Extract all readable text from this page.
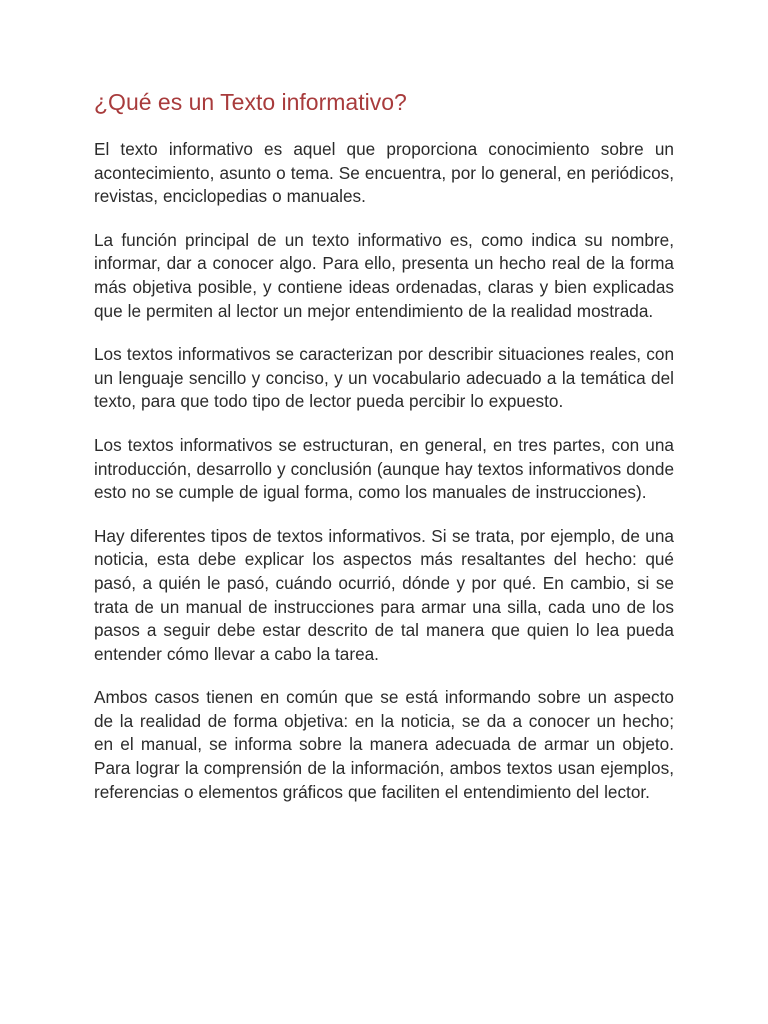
¿Qué es un Texto informativo?

El texto informativo es aquel que proporciona conocimiento sobre un acontecimiento, asunto o tema. Se encuentra, por lo general, en periódicos, revistas, enciclopedias o manuales.

La función principal de un texto informativo es, como indica su nombre, informar, dar a conocer algo. Para ello, presenta un hecho real de la forma más objetiva posible, y contiene ideas ordenadas, claras y bien explicadas que le permiten al lector un mejor entendimiento de la realidad mostrada.

Los textos informativos se caracterizan por describir situaciones reales, con un lenguaje sencillo y conciso, y un vocabulario adecuado a la temática del texto, para que todo tipo de lector pueda percibir lo expuesto.

Los textos informativos se estructuran, en general, en tres partes, con una introducción, desarrollo y conclusión (aunque hay textos informativos donde esto no se cumple de igual forma, como los manuales de instrucciones).

Hay diferentes tipos de textos informativos. Si se trata, por ejemplo, de una noticia, esta debe explicar los aspectos más resaltantes del hecho: qué pasó, a quién le pasó, cuándo ocurrió, dónde y por qué. En cambio, si se trata de un manual de instrucciones para armar una silla, cada uno de los pasos a seguir debe estar descrito de tal manera que quien lo lea pueda entender cómo llevar a cabo la tarea.

Ambos casos tienen en común que se está informando sobre un aspecto de la realidad de forma objetiva: en la noticia, se da a conocer un hecho; en el manual, se informa sobre la manera adecuada de armar un objeto. Para lograr la comprensión de la información, ambos textos usan ejemplos, referencias o elementos gráficos que faciliten el entendimiento del lector.
